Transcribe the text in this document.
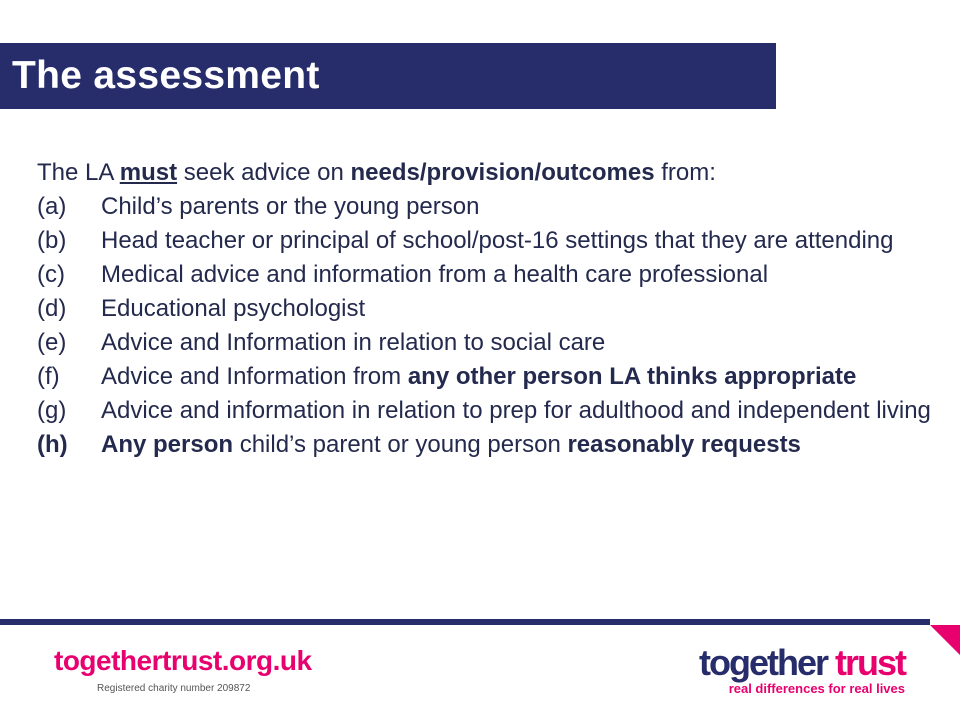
The assessment

The LA must seek advice on needs/provision/outcomes from:

(a)	Child’s parents or the young person
(b)	Head teacher or principal of school/post-16 settings that they are attending
(c)	Medical advice and information from a health care professional
(d)	Educational psychologist
(e)	Advice and Information in relation to social care
(f)	Advice and Information from any other person LA thinks appropriate
(g)	Advice and information in relation to prep for adulthood and independent living
(h)	Any person child’s parent or young person reasonably requests
togethertrust.org.uk
Registered charity number 209872
together trust
real differences for real lives
